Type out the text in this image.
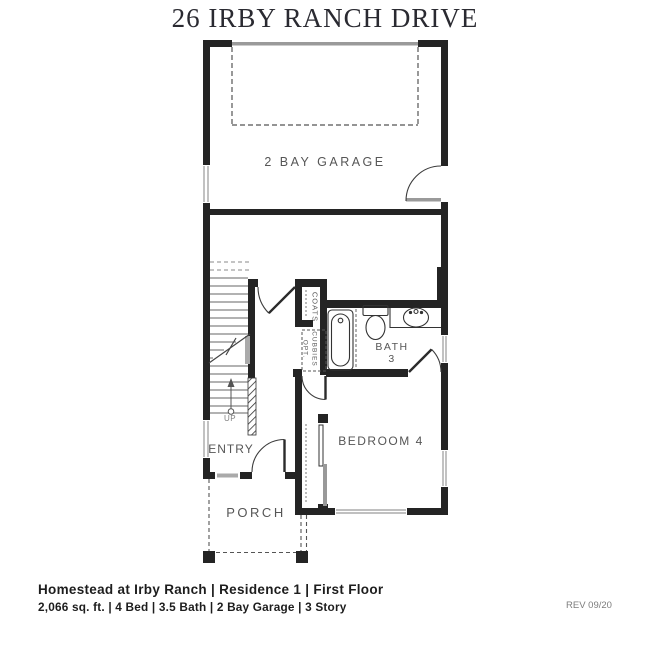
26 IRBY RANCH DRIVE
2 BAY GARAGE
BATH
3
BEDROOM 4
ENTRY
PORCH
UP
COATS
OPT. CUBBIES
Homestead at Irby Ranch | Residence 1 | First Floor
2,066 sq. ft. | 4 Bed | 3.5 Bath | 2 Bay Garage | 3 Story	REV 09/20
